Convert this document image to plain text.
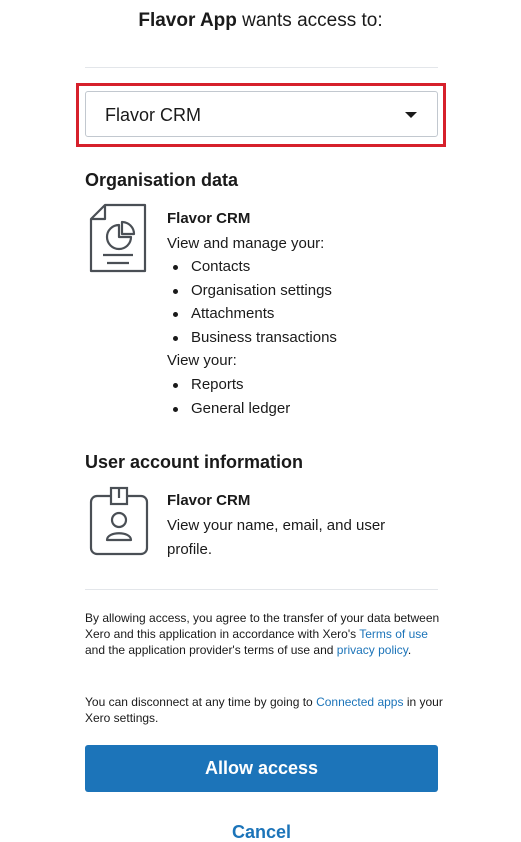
Flavor App wants access to:
Flavor CRM
Organisation data
Flavor CRM
View and manage your:
Contacts
Organisation settings
Attachments
Business transactions
View your:
Reports
General ledger
User account information
Flavor CRM
View your name, email, and user
profile.
By allowing access, you agree to the transfer of your data between Xero and this application in accordance with Xero's Terms of use and the application provider's terms of use and privacy policy.
You can disconnect at any time by going to Connected apps in your Xero settings.
Allow access
Cancel
